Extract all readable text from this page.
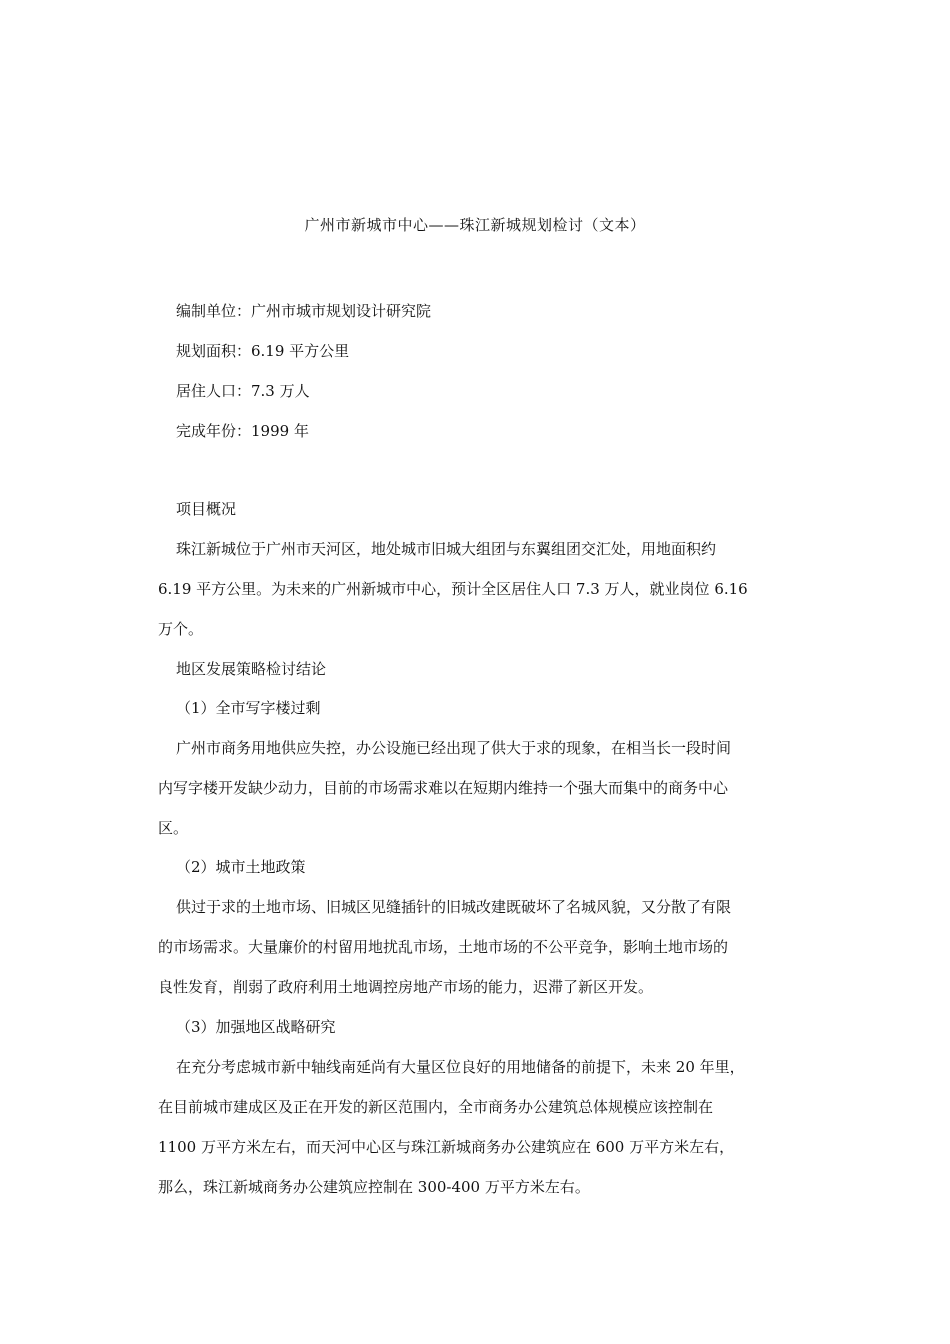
广州市新城市中心——珠江新城规划检讨（文本）
编制单位：广州市城市规划设计研究院
规划面积：6.19 平方公里
居住人口：7.3 万人
完成年份：1999 年
项目概况
珠江新城位于广州市天河区，地处城市旧城大组团与东翼组团交汇处，用地面积约
6.19 平方公里。为未来的广州新城市中心，预计全区居住人口 7.3 万人，就业岗位 6.16
万个。
地区发展策略检讨结论
（1）全市写字楼过剩
广州市商务用地供应失控，办公设施已经出现了供大于求的现象，在相当长一段时间
内写字楼开发缺少动力，目前的市场需求难以在短期内维持一个强大而集中的商务中心
区。
（2）城市土地政策
供过于求的土地市场、旧城区见缝插针的旧城改建既破坏了名城风貌，又分散了有限
的市场需求。大量廉价的村留用地扰乱市场，土地市场的不公平竞争，影响土地市场的
良性发育，削弱了政府利用土地调控房地产市场的能力，迟滞了新区开发。
（3）加强地区战略研究
在充分考虑城市新中轴线南延尚有大量区位良好的用地储备的前提下，未来 20 年里，
在目前城市建成区及正在开发的新区范围内，全市商务办公建筑总体规模应该控制在
1100 万平方米左右，而天河中心区与珠江新城商务办公建筑应在 600 万平方米左右，
那么，珠江新城商务办公建筑应控制在 300-400 万平方米左右。
